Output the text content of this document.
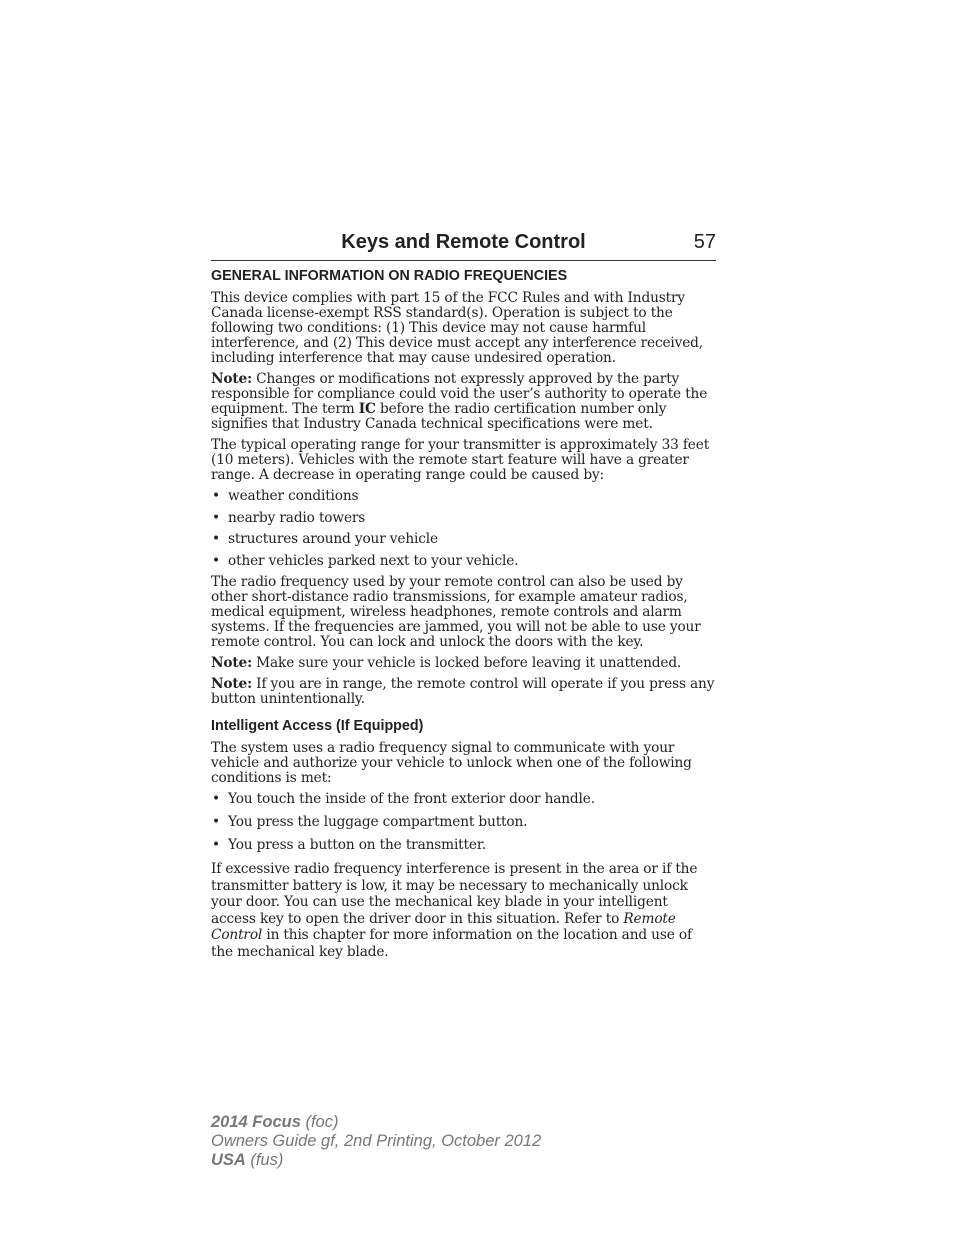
Keys and Remote Control	57
GENERAL INFORMATION ON RADIO FREQUENCIES

This device complies with part 15 of the FCC Rules and with Industry Canada license-exempt RSS standard(s). Operation is subject to the following two conditions: (1) This device may not cause harmful interference, and (2) This device must accept any interference received, including interference that may cause undesired operation.

Note: Changes or modifications not expressly approved by the party responsible for compliance could void the user’s authority to operate the equipment. The term IC before the radio certification number only signifies that Industry Canada technical specifications were met.

The typical operating range for your transmitter is approximately 33 feet (10 meters). Vehicles with the remote start feature will have a greater range. A decrease in operating range could be caused by:

• weather conditions
• nearby radio towers
• structures around your vehicle
• other vehicles parked next to your vehicle.

The radio frequency used by your remote control can also be used by other short-distance radio transmissions, for example amateur radios, medical equipment, wireless headphones, remote controls and alarm systems. If the frequencies are jammed, you will not be able to use your remote control. You can lock and unlock the doors with the key.

Note: Make sure your vehicle is locked before leaving it unattended.

Note: If you are in range, the remote control will operate if you press any button unintentionally.

Intelligent Access (If Equipped)

The system uses a radio frequency signal to communicate with your vehicle and authorize your vehicle to unlock when one of the following conditions is met:

• You touch the inside of the front exterior door handle.
• You press the luggage compartment button.
• You press a button on the transmitter.

If excessive radio frequency interference is present in the area or if the transmitter battery is low, it may be necessary to mechanically unlock your door. You can use the mechanical key blade in your intelligent access key to open the driver door in this situation. Refer to Remote Control in this chapter for more information on the location and use of the mechanical key blade.

2014 Focus (foc)
Owners Guide gf, 2nd Printing, October 2012
USA (fus)
